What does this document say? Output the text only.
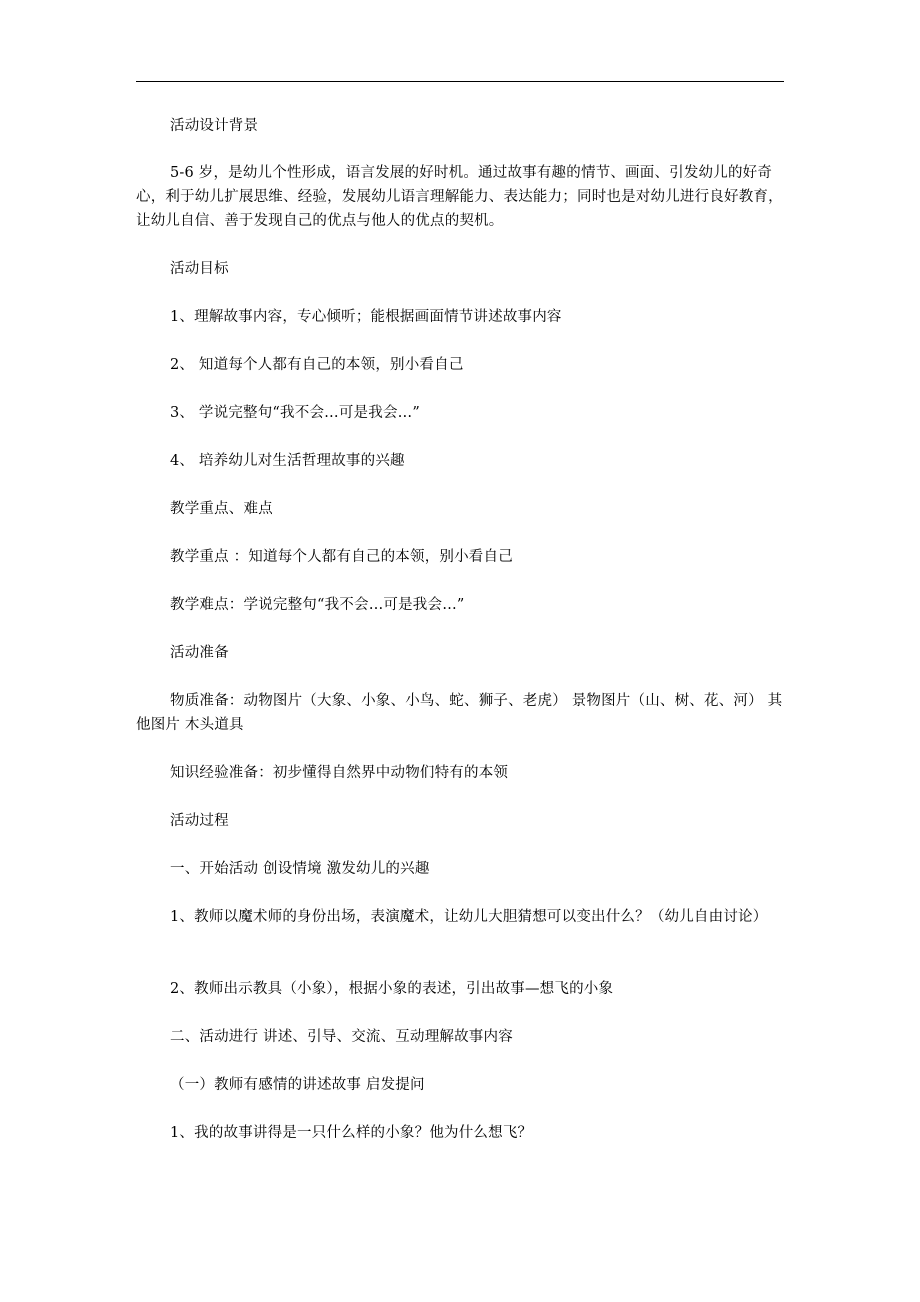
活动设计背景

5-6 岁，是幼儿个性形成，语言发展的好时机。通过故事有趣的情节、画面、引发幼儿的好奇心，利于幼儿扩展思维、经验，发展幼儿语言理解能力、表达能力；同时也是对幼儿进行良好教育，让幼儿自信、善于发现自己的优点与他人的优点的契机。

活动目标

1、理解故事内容，专心倾听；能根据画面情节讲述故事内容

2、 知道每个人都有自己的本领，别小看自己

3、 学说完整句“我不会…可是我会…”

4、 培养幼儿对生活哲理故事的兴趣

教学重点、难点

教学重点 ：知道每个人都有自己的本领，别小看自己

教学难点：学说完整句“我不会…可是我会…”

活动准备

物质准备：动物图片（大象、小象、小鸟、蛇、狮子、老虎） 景物图片（山、树、花、河） 其他图片 木头道具

知识经验准备：初步懂得自然界中动物们特有的本领

活动过程

一、开始活动 创设情境 激发幼儿的兴趣

1、教师以魔术师的身份出场，表演魔术，让幼儿大胆猜想可以变出什么？（幼儿自由讨论）

2、教师出示教具（小象），根据小象的表述，引出故事—想飞的小象

二、活动进行 讲述、引导、交流、互动理解故事内容

（一）教师有感情的讲述故事 启发提问

1、我的故事讲得是一只什么样的小象？他为什么想飞？
